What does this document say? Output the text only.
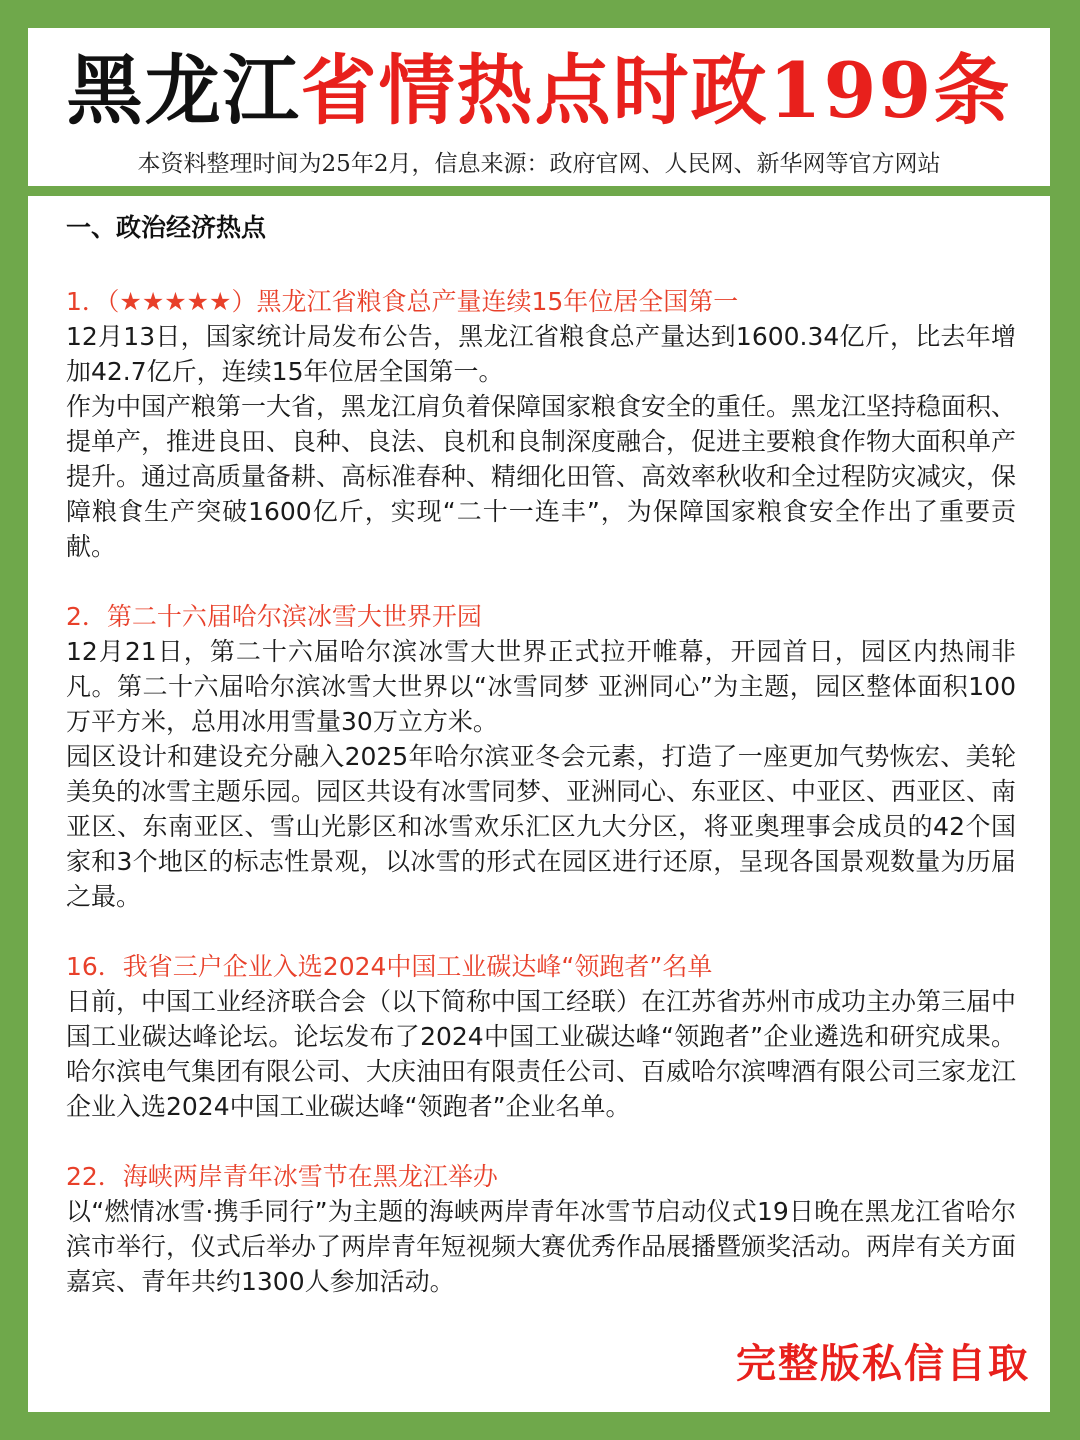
黑龙江省情热点时政199条
本资料整理时间为25年2月，信息来源：政府官网、人民网、新华网等官方网站
一、政治经济热点

1．（★★★★★）黑龙江省粮食总产量连续15年位居全国第一

12月13日，国家统计局发布公告，黑龙江省粮食总产量达到1600.34亿斤，比去年增加42.7亿斤，连续15年位居全国第一。

作为中国产粮第一大省，黑龙江肩负着保障国家粮食安全的重任。黑龙江坚持稳面积、提单产，推进良田、良种、良法、良机和良制深度融合，促进主要粮食作物大面积单产提升。通过高质量备耕、高标准春种、精细化田管、高效率秋收和全过程防灾减灾，保障粮食生产突破1600亿斤，实现“二十一连丰”，为保障国家粮食安全作出了重要贡献。

2．第二十六届哈尔滨冰雪大世界开园

12月21日，第二十六届哈尔滨冰雪大世界正式拉开帷幕，开园首日，园区内热闹非凡。第二十六届哈尔滨冰雪大世界以“冰雪同梦 亚洲同心”为主题，园区整体面积100万平方米，总用冰用雪量30万立方米。

园区设计和建设充分融入2025年哈尔滨亚冬会元素，打造了一座更加气势恢宏、美轮美奂的冰雪主题乐园。园区共设有冰雪同梦、亚洲同心、东亚区、中亚区、西亚区、南亚区、东南亚区、雪山光影区和冰雪欢乐汇区九大分区，将亚奥理事会成员的42个国家和3个地区的标志性景观，以冰雪的形式在园区进行还原，呈现各国景观数量为历届之最。

16．我省三户企业入选2024中国工业碳达峰“领跑者”名单

日前，中国工业经济联合会（以下简称中国工经联）在江苏省苏州市成功主办第三届中国工业碳达峰论坛。论坛发布了2024中国工业碳达峰“领跑者”企业遴选和研究成果。哈尔滨电气集团有限公司、大庆油田有限责任公司、百威哈尔滨啤酒有限公司三家龙江企业入选2024中国工业碳达峰“领跑者”企业名单。

22．海峡两岸青年冰雪节在黑龙江举办

以“燃情冰雪·携手同行”为主题的海峡两岸青年冰雪节启动仪式19日晚在黑龙江省哈尔滨市举行，仪式后举办了两岸青年短视频大赛优秀作品展播暨颁奖活动。两岸有关方面嘉宾、青年共约1300人参加活动。

完整版私信自取
